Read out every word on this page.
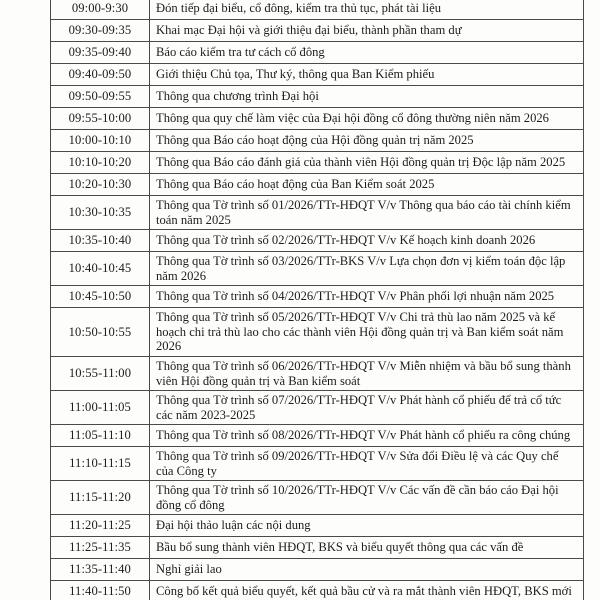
09:00-9:30	Đón tiếp đại biểu, cổ đông, kiểm tra thủ tục, phát tài liệu
09:30-09:35	Khai mạc Đại hội và giới thiệu đại biểu, thành phần tham dự
09:35-09:40	Báo cáo kiểm tra tư cách cổ đông
09:40-09:50	Giới thiệu Chủ tọa, Thư ký, thông qua Ban Kiểm phiếu
09:50-09:55	Thông qua chương trình Đại hội
09:55-10:00	Thông qua quy chế làm việc của Đại hội đồng cổ đông thường niên năm 2026
10:00-10:10	Thông qua Báo cáo hoạt động của Hội đồng quản trị năm 2025
10:10-10:20	Thông qua Báo cáo đánh giá của thành viên Hội đồng quản trị Độc lập năm 2025
10:20-10:30	Thông qua Báo cáo hoạt động của Ban Kiểm soát 2025
10:30-10:35	Thông qua Tờ trình số 01/2026/TTr-HĐQT V/v Thông qua báo cáo tài chính kiểm toán năm 2025
10:35-10:40	Thông qua Tờ trình số 02/2026/TTr-HĐQT V/v Kế hoạch kinh doanh 2026
10:40-10:45	Thông qua Tờ trình số 03/2026/TTr-BKS V/v Lựa chọn đơn vị kiểm toán độc lập năm 2026
10:45-10:50	Thông qua Tờ trình số 04/2026/TTr-HĐQT V/v Phân phối lợi nhuận năm 2025
10:50-10:55	Thông qua Tờ trình số 05/2026/TTr-HĐQT V/v Chi trả thù lao năm 2025 và kế hoạch chi trả thù lao cho các thành viên Hội đồng quản trị và Ban kiểm soát năm 2026
10:55-11:00	Thông qua Tờ trình số 06/2026/TTr-HĐQT V/v Miễn nhiệm và bầu bổ sung thành viên Hội đồng quản trị và Ban kiểm soát
11:00-11:05	Thông qua Tờ trình số 07/2026/TTr-HĐQT V/v Phát hành cổ phiếu để trả cổ tức các năm 2023-2025
11:05-11:10	Thông qua Tờ trình số 08/2026/TTr-HĐQT V/v Phát hành cổ phiếu ra công chúng
11:10-11:15	Thông qua Tờ trình số 09/2026/TTr-HĐQT V/v Sửa đổi Điều lệ và các Quy chế của Công ty
11:15-11:20	Thông qua Tờ trình số 10/2026/TTr-HĐQT V/v Các vấn đề cần báo cáo Đại hội đồng cổ đông
11:20-11:25	Đại hội thảo luận các nội dung
11:25-11:35	Bầu bổ sung thành viên HĐQT, BKS và biểu quyết thông qua các vấn đề
11:35-11:40	Nghỉ giải lao
11:40-11:50	Công bố kết quả biểu quyết, kết quả bầu cử và ra mắt thành viên HĐQT, BKS mới
